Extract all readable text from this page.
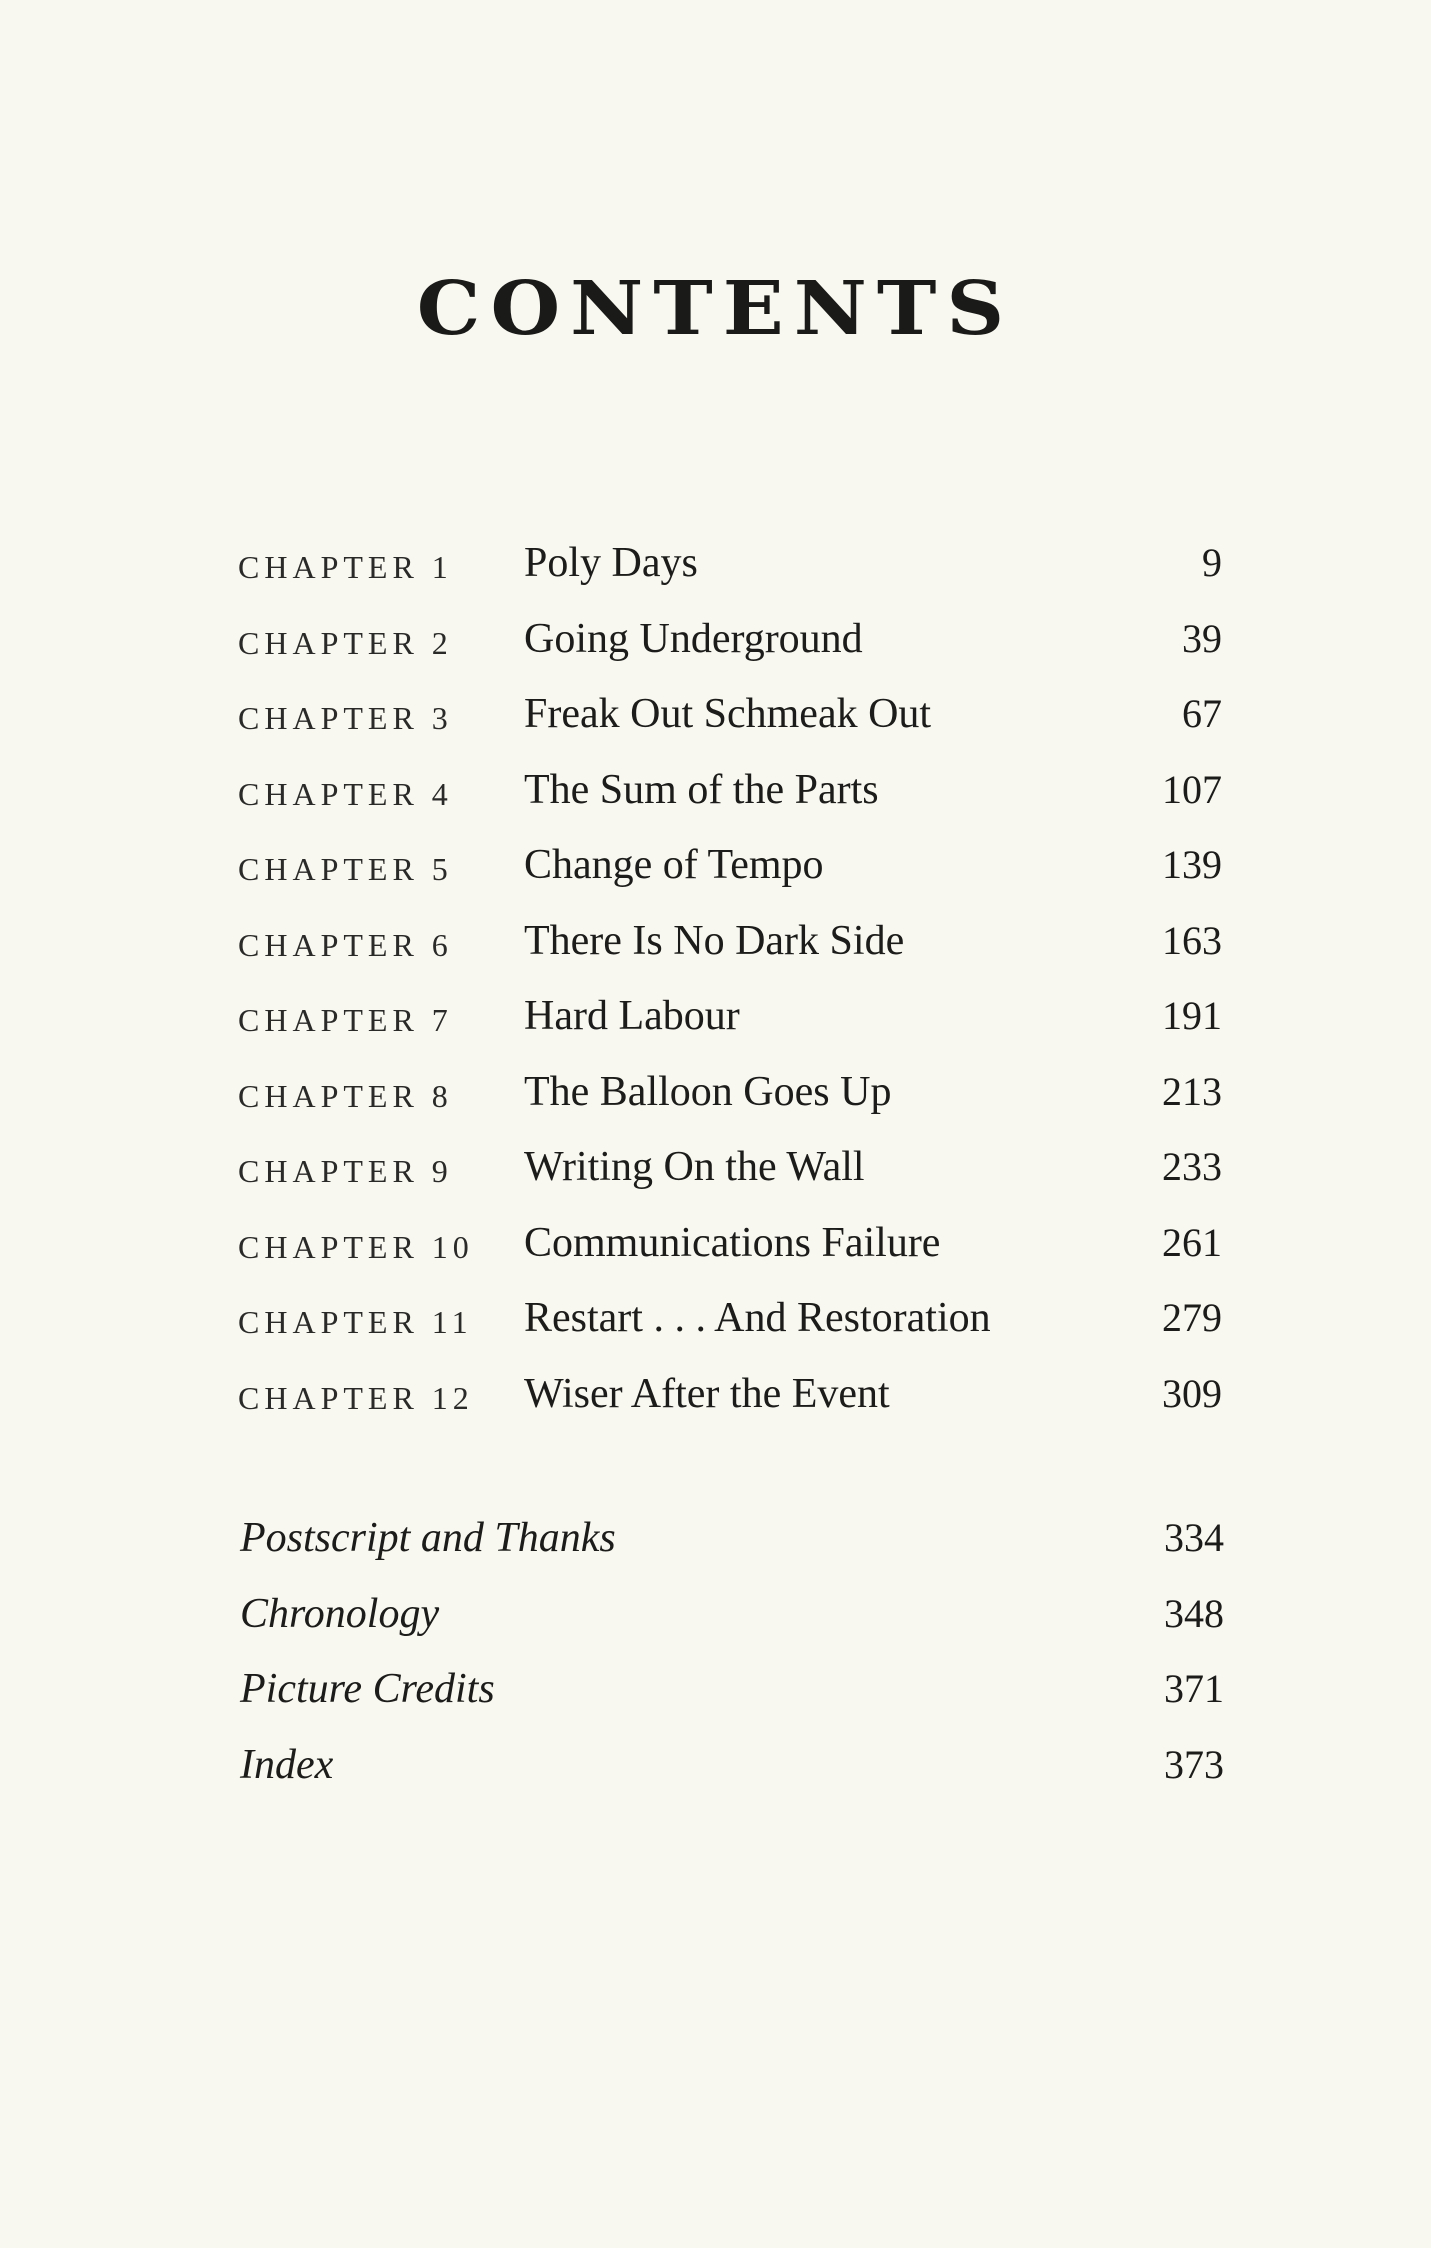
CONTENTS
CHAPTER 1 Poly Days	9
CHAPTER 2 Going Underground	39
CHAPTER 3 Freak Out Schmeak Out	67
CHAPTER 4 The Sum of the Parts	107
CHAPTER 5 Change of Tempo	139
CHAPTER 6 There Is No Dark Side	163
CHAPTER 7 Hard Labour	191
CHAPTER 8 The Balloon Goes Up	213
CHAPTER 9 Writing On the Wall	233
CHAPTER 10 Communications Failure	261
CHAPTER 11 Restart . . . And Restoration	279
CHAPTER 12 Wiser After the Event	309
Postscript and Thanks	334
Chronology	348
Picture Credits	371
Index	373
